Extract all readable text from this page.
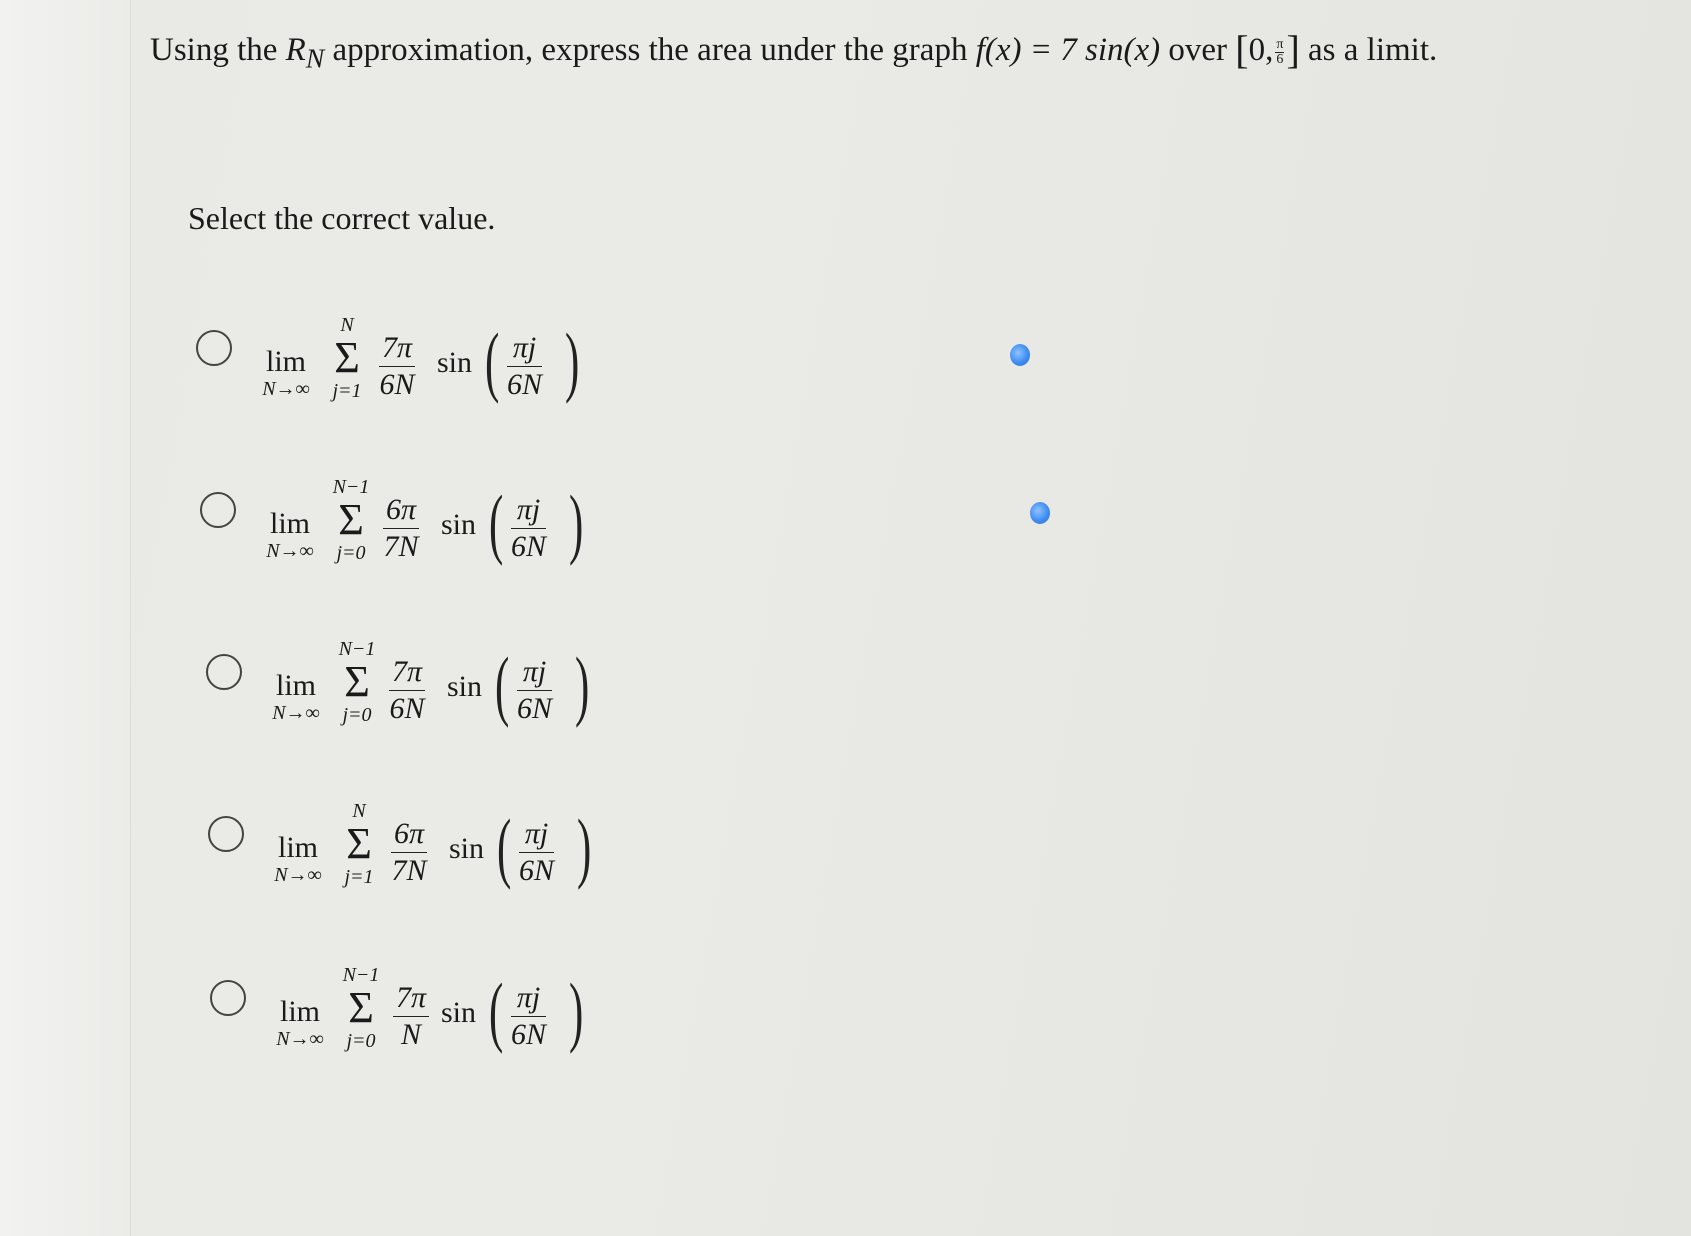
Using the $R_N$ approximation, express the area under the graph f(x) = 7 sin(x) over [0, $\frac{\pi}{6}$ ] as a limit.
Select the correct value.
lim
N→∞
N
Σ
$j=1 \frac{7\pi}{6N}$ sin ( $\frac{\pi j}{6N}$ )
lim
N→∞
N−1
Σ
$j=0 \frac{6\pi}{7N}$ sin ( $\frac{\pi j}{6N}$ )
lim
N→∞
N−1
Σ
$j=0 \frac{7\pi}{6N}$ sin ( $\frac{\pi j}{6N}$ )
lim
N→∞
N
Σ
$j=1 \frac{6\pi}{7N}$ sin ( $\frac{\pi j}{6N}$ )
lim
N→∞
N−1
Σ
$j=0 \frac{7\pi}{N}$ sin ( $\frac{\pi j}{6N}$ )
